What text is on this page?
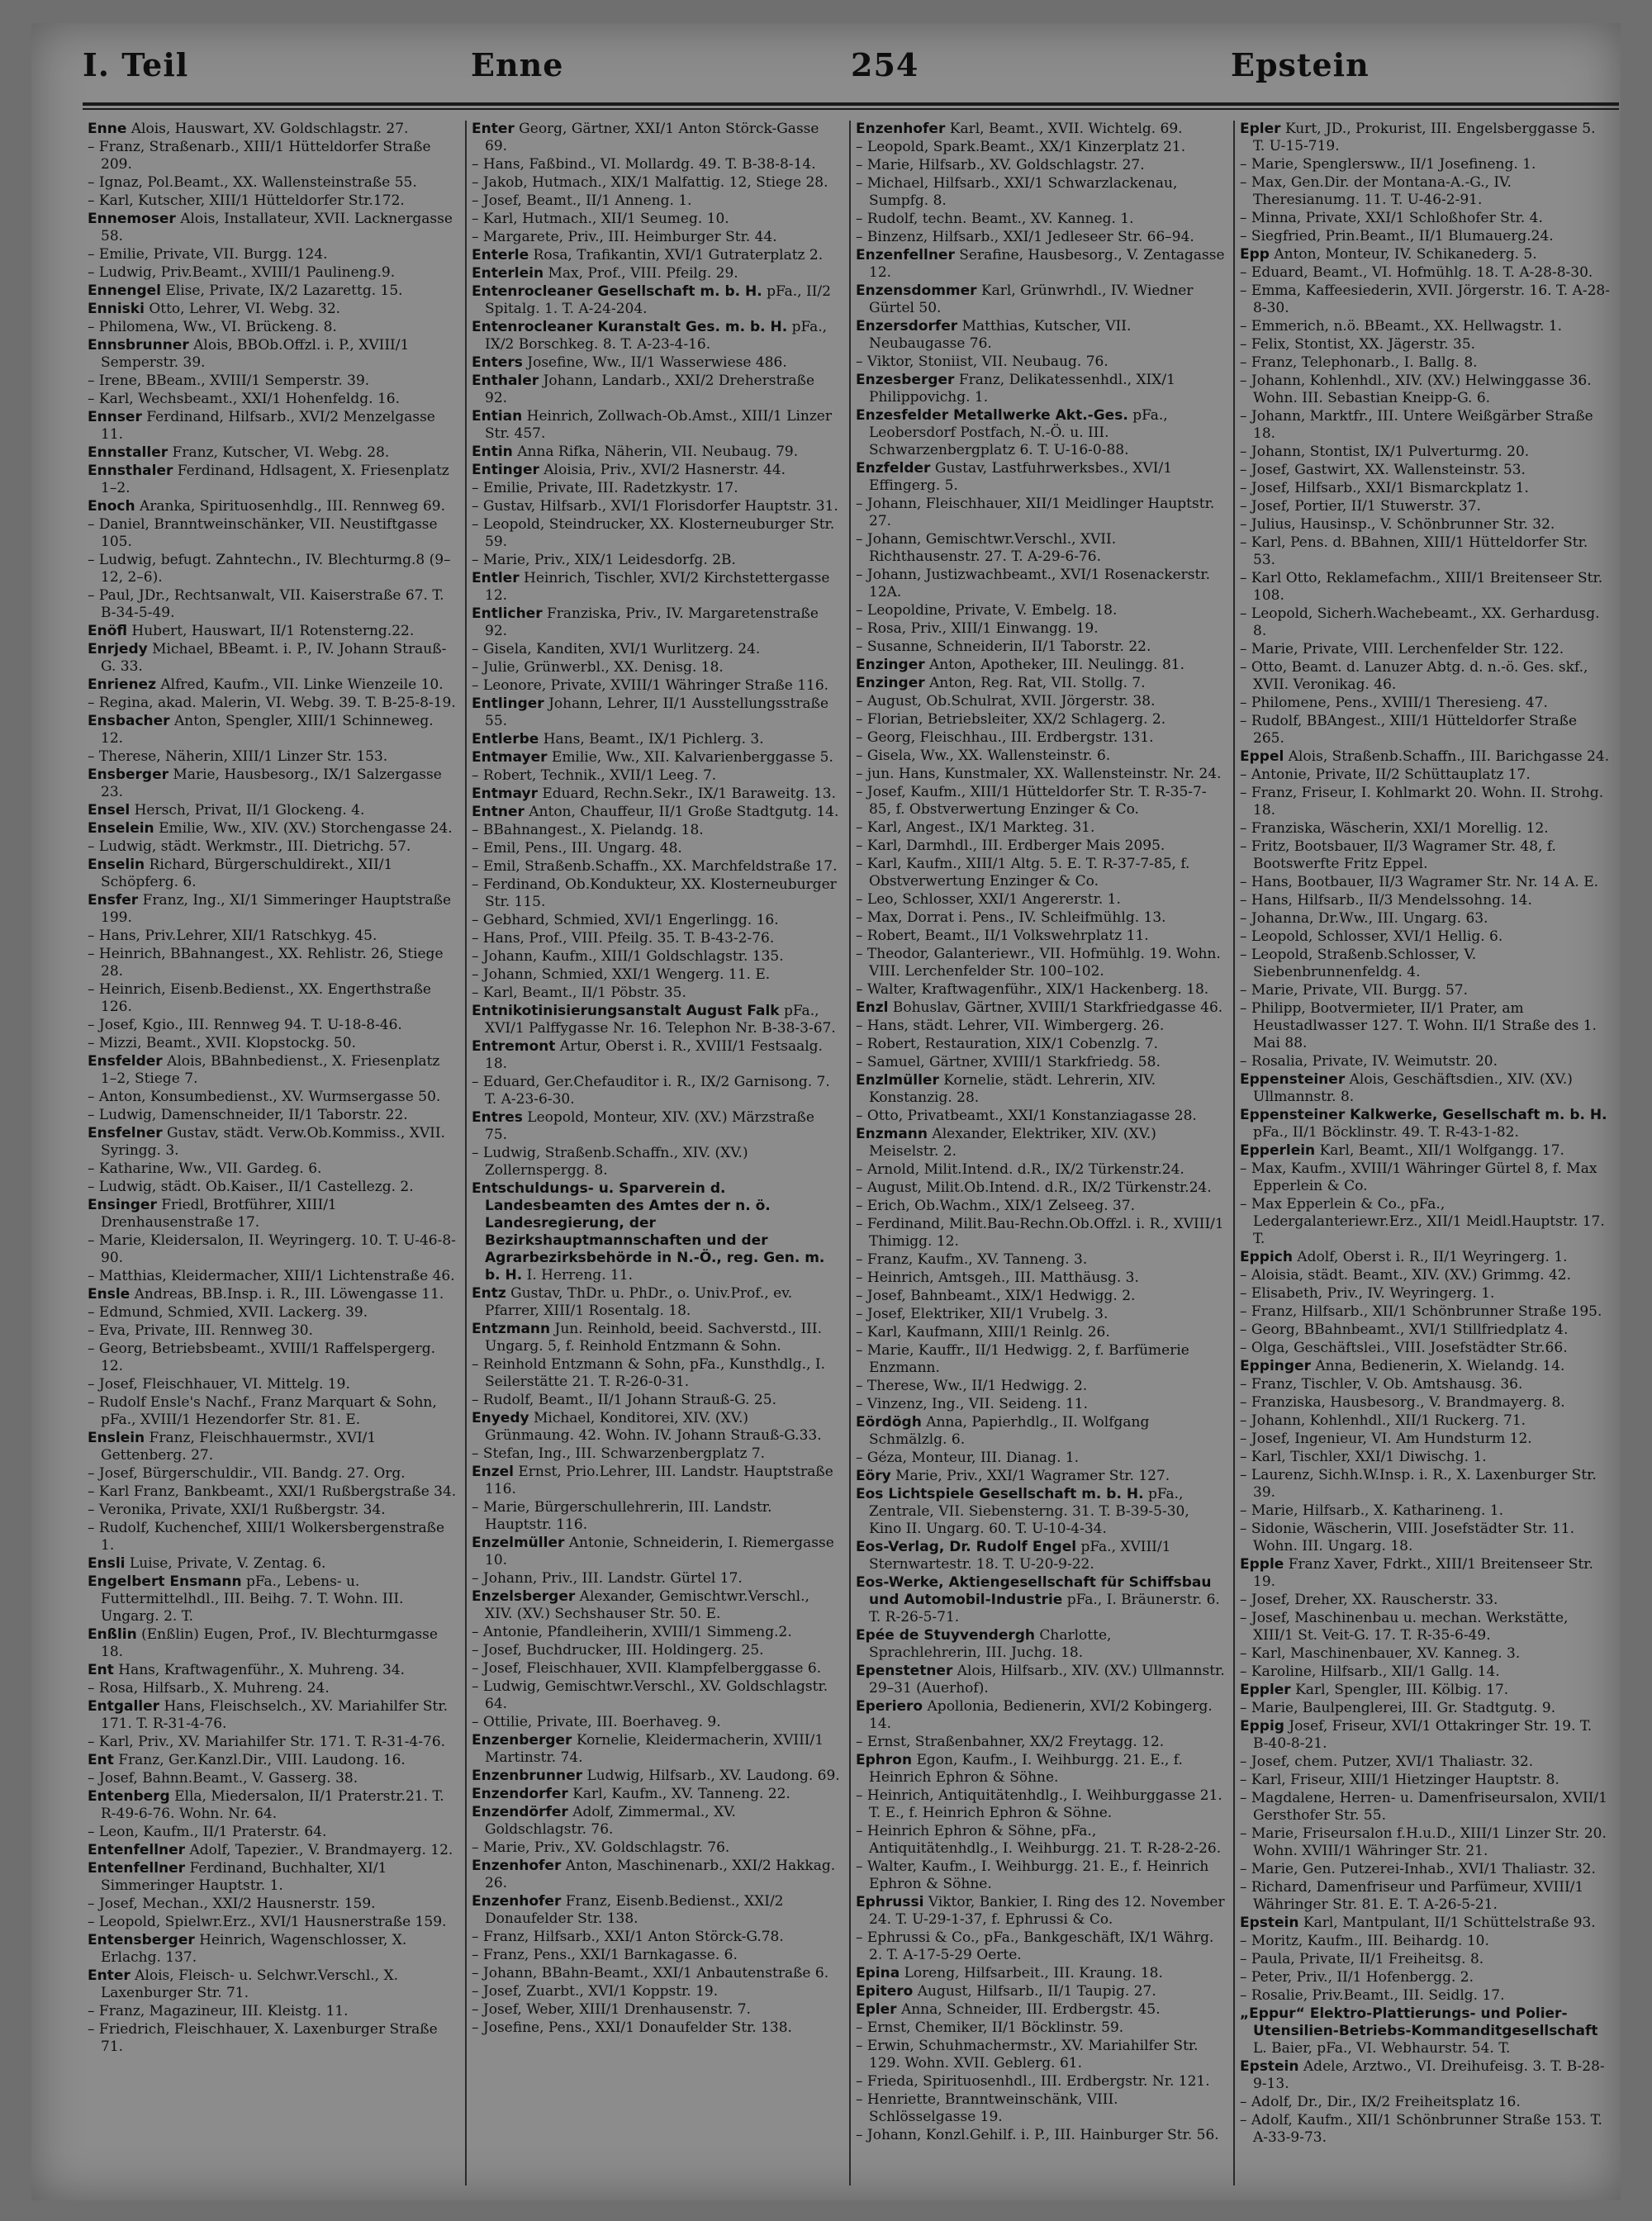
I. Teil	Enne	254	Epstein
Enne Alois, Hauswart, XV. Goldschlagstr. 27.
– Franz, Straßenarb., XIII/1 Hütteldorfer Straße 209.
– Ignaz, Pol.Beamt., XX. Wallensteinstraße 55.
– Karl, Kutscher, XIII/1 Hütteldorfer Str.172.
Ennemoser Alois, Installateur, XVII. Lacknergasse 58.
– Emilie, Private, VII. Burgg. 124.
– Ludwig, Priv.Beamt., XVIII/1 Paulineng.9.
Ennengel Elise, Private, IX/2 Lazarettg. 15.
Enniski Otto, Lehrer, VI. Webg. 32.
– Philomena, Ww., VI. Brückeng. 8.
Ennsbrunner Alois, BBOb.Offzl. i. P., XVIII/1 Semperstr. 39.
– Irene, BBeam., XVIII/1 Semperstr. 39.
– Karl, Wechsbeamt., XXI/1 Hohenfeldg. 16.
Ennser Ferdinand, Hilfsarb., XVI/2 Menzelgasse 11.
Ennstaller Franz, Kutscher, VI. Webg. 28.
Ennsthaler Ferdinand, Hdlsagent, X. Friesenplatz 1–2.
Enoch Aranka, Spirituosenhdlg., III. Rennweg 69.
– Daniel, Branntweinschänker, VII. Neustiftgasse 105.
– Ludwig, befugt. Zahntechn., IV. Blechturmg.8 (9–12, 2–6).
– Paul, JDr., Rechtsanwalt, VII. Kaiserstraße 67. T. B-34-5-49.
Enöfl Hubert, Hauswart, II/1 Rotensterng.22.
Enrjedy Michael, BBeamt. i. P., IV. Johann Strauß-G. 33.
Enrienez Alfred, Kaufm., VII. Linke Wienzeile 10.
– Regina, akad. Malerin, VI. Webg. 39. T. B-25-8-19.
Ensbacher Anton, Spengler, XIII/1 Schinneweg. 12.
– Therese, Näherin, XIII/1 Linzer Str. 153.
Ensberger Marie, Hausbesorg., IX/1 Salzergasse 23.
Ensel Hersch, Privat, II/1 Glockeng. 4.
Enselein Emilie, Ww., XIV. (XV.) Storchengasse 24.
– Ludwig, städt. Werkmstr., III. Dietrichg. 57.
Enselin Richard, Bürgerschuldirekt., XII/1 Schöpferg. 6.
Ensfer Franz, Ing., XI/1 Simmeringer Hauptstraße 199.
– Hans, Priv.Lehrer, XII/1 Ratschkyg. 45.
– Heinrich, BBahnangest., XX. Rehlistr. 26, Stiege 28.
– Heinrich, Eisenb.Bedienst., XX. Engerthstraße 126.
– Josef, Kgio., III. Rennweg 94. T. U-18-8-46.
– Mizzi, Beamt., XVII. Klopstockg. 50.
Ensfelder Alois, BBahnbedienst., X. Friesenplatz 1–2, Stiege 7.
– Anton, Konsumbedienst., XV. Wurmsergasse 50.
– Ludwig, Damenschneider, II/1 Taborstr. 22.
Ensfelner Gustav, städt. Verw.Ob.Kommiss., XVII. Syringg. 3.
– Katharine, Ww., VII. Gardeg. 6.
– Ludwig, städt. Ob.Kaiser., II/1 Castellezg. 2.
Ensinger Friedl, Brotführer, XIII/1 Drenhausenstraße 17.
– Marie, Kleidersalon, II. Weyringerg. 10. T. U-46-8-90.
– Matthias, Kleidermacher, XIII/1 Lichtenstraße 46.
Ensle Andreas, BB.Insp. i. R., III. Löwengasse 11.
– Edmund, Schmied, XVII. Lackerg. 39.
– Eva, Private, III. Rennweg 30.
– Georg, Betriebsbeamt., XVIII/1 Raffelspergerg. 12.
– Josef, Fleischhauer, VI. Mittelg. 19.
– Rudolf Ensle's Nachf., Franz Marquart & Sohn, pFa., XVIII/1 Hezendorfer Str. 81. E.
Enslein Franz, Fleischhauermstr., XVI/1 Gettenberg. 27.
– Josef, Bürgerschuldir., VII. Bandg. 27. Org.
– Karl Franz, Bankbeamt., XXI/1 Rußbergstraße 34.
– Veronika, Private, XXI/1 Rußbergstr. 34.
– Rudolf, Kuchenchef, XIII/1 Wolkersbergenstraße 1.
Ensli Luise, Private, V. Zentag. 6.
Engelbert Ensmann pFa., Lebens- u. Futtermittelhdl., III. Beihg. 7. T. Wohn. III. Ungarg. 2. T.
Enßlin (Enßlin) Eugen, Prof., IV. Blechturmgasse 18.
Ent Hans, Kraftwagenführ., X. Muhreng. 34.
– Rosa, Hilfsarb., X. Muhreng. 24.
Entgaller Hans, Fleischselch., XV. Mariahilfer Str. 171. T. R-31-4-76.
– Karl, Priv., XV. Mariahilfer Str. 171. T. R-31-4-76.
Ent Franz, Ger.Kanzl.Dir., VIII. Laudong. 16.
– Josef, Bahnn.Beamt., V. Gasserg. 38.
Entenberg Ella, Miedersalon, II/1 Praterstr.21. T. R-49-6-76. Wohn. Nr. 64.
– Leon, Kaufm., II/1 Praterstr. 64.
Entenfellner Adolf, Tapezier., V. Brandmayerg. 12.
Entenfellner Ferdinand, Buchhalter, XI/1 Simmeringer Hauptstr. 1.
– Josef, Mechan., XXI/2 Hausnerstr. 159.
– Leopold, Spielwr.Erz., XVI/1 Hausnerstraße 159.
Entensberger Heinrich, Wagenschlosser, X. Erlachg. 137.
Enter Alois, Fleisch- u. Selchwr.Verschl., X. Laxenburger Str. 71.
– Franz, Magazineur, III. Kleistg. 11.
– Friedrich, Fleischhauer, X. Laxenburger Straße 71.
Enter Georg, Gärtner, XXI/1 Anton Störck-Gasse 69.
– Hans, Faßbind., VI. Mollardg. 49. T. B-38-8-14.
– Jakob, Hutmach., XIX/1 Malfattig. 12, Stiege 28.
– Josef, Beamt., II/1 Anneng. 1.
– Karl, Hutmach., XII/1 Seumeg. 10.
– Margarete, Priv., III. Heimburger Str. 44.
Enterle Rosa, Trafikantin, XVI/1 Gutraterplatz 2.
Enterlein Max, Prof., VIII. Pfeilg. 29.
Entenrocleaner Gesellschaft m. b. H. pFa., II/2 Spitalg. 1. T. A-24-204.
Entenrocleaner Kuranstalt Ges. m. b. H. pFa., IX/2 Borschkeg. 8. T. A-23-4-16.
Enters Josefine, Ww., II/1 Wasserwiese 486.
Enthaler Johann, Landarb., XXI/2 Dreherstraße 92.
Entian Heinrich, Zollwach-Ob.Amst., XIII/1 Linzer Str. 457.
Entin Anna Rifka, Näherin, VII. Neubaug. 79.
Entinger Aloisia, Priv., XVI/2 Hasnerstr. 44.
– Emilie, Private, III. Radetzkystr. 17.
– Gustav, Hilfsarb., XVI/1 Florisdorfer Hauptstr. 31.
– Leopold, Steindrucker, XX. Klosterneuburger Str. 59.
– Marie, Priv., XIX/1 Leidesdorfg. 2B.
Entler Heinrich, Tischler, XVI/2 Kirchstettergasse 12.
Entlicher Franziska, Priv., IV. Margaretenstraße 92.
– Gisela, Kanditen, XVI/1 Wurlitzerg. 24.
– Julie, Grünwerbl., XX. Denisg. 18.
– Leonore, Private, XVIII/1 Währinger Straße 116.
Entlinger Johann, Lehrer, II/1 Ausstellungsstraße 55.
Entlerbe Hans, Beamt., IX/1 Pichlerg. 3.
Entmayer Emilie, Ww., XII. Kalvarienberggasse 5.
– Robert, Technik., XVII/1 Leeg. 7.
Entmayr Eduard, Rechn.Sekr., IX/1 Baraweitg. 13.
Entner Anton, Chauffeur, II/1 Große Stadtgutg. 14.
– BBahnangest., X. Pielandg. 18.
– Emil, Pens., III. Ungarg. 48.
– Emil, Straßenb.Schaffn., XX. Marchfeldstraße 17.
– Ferdinand, Ob.Kondukteur, XX. Klosterneuburger Str. 115.
– Gebhard, Schmied, XVI/1 Engerlingg. 16.
– Hans, Prof., VIII. Pfeilg. 35. T. B-43-2-76.
– Johann, Kaufm., XIII/1 Goldschlagstr. 135.
– Johann, Schmied, XXI/1 Wengerg. 11. E.
– Karl, Beamt., II/1 Pöbstr. 35.
Entnikotinisierungsanstalt August Falk pFa., XVI/1 Palffygasse Nr. 16. Telephon Nr. B-38-3-67.
Entremont Artur, Oberst i. R., XVIII/1 Festsaalg. 18.
– Eduard, Ger.Chefauditor i. R., IX/2 Garnisong. 7. T. A-23-6-30.
Entres Leopold, Monteur, XIV. (XV.) Märzstraße 75.
– Ludwig, Straßenb.Schaffn., XIV. (XV.) Zollernspergg. 8.
Entschuldungs- u. Sparverein d. Landesbeamten des Amtes der n. ö. Landesregierung, der Bezirkshauptmannschaften und der Agrarbezirksbehörde in N.-Ö., reg. Gen. m. b. H. I. Herreng. 11.
Entz Gustav, ThDr. u. PhDr., o. Univ.Prof., ev. Pfarrer, XIII/1 Rosentalg. 18.
Entzmann Jun. Reinhold, beeid. Sachverstd., III. Ungarg. 5, f. Reinhold Entzmann & Sohn.
– Reinhold Entzmann & Sohn, pFa., Kunsthdlg., I. Seilerstätte 21. T. R-26-0-31.
– Rudolf, Beamt., II/1 Johann Strauß-G. 25.
Enyedy Michael, Konditorei, XIV. (XV.) Grünmaung. 42. Wohn. IV. Johann Strauß-G.33.
– Stefan, Ing., III. Schwarzenbergplatz 7.
Enzel Ernst, Prio.Lehrer, III. Landstr. Hauptstraße 116.
– Marie, Bürgerschullehrerin, III. Landstr. Hauptstr. 116.
Enzelmüller Antonie, Schneiderin, I. Riemergasse 10.
– Johann, Priv., III. Landstr. Gürtel 17.
Enzelsberger Alexander, Gemischtwr.Verschl., XIV. (XV.) Sechshauser Str. 50. E.
– Antonie, Pfandleiherin, XVIII/1 Simmeng.2.
– Josef, Buchdrucker, III. Holdingerg. 25.
– Josef, Fleischhauer, XVII. Klampfelberggasse 6.
– Ludwig, Gemischtwr.Verschl., XV. Goldschlagstr. 64.
– Ottilie, Private, III. Boerhaveg. 9.
Enzenberger Kornelie, Kleidermacherin, XVIII/1 Martinstr. 74.
Enzenbrunner Ludwig, Hilfsarb., XV. Laudong. 69.
Enzendorfer Karl, Kaufm., XV. Tanneng. 22.
Enzendörfer Adolf, Zimmermal., XV. Goldschlagstr. 76.
– Marie, Priv., XV. Goldschlagstr. 76.
Enzenhofer Anton, Maschinenarb., XXI/2 Hakkag. 26.
Enzenhofer Franz, Eisenb.Bedienst., XXI/2 Donaufelder Str. 138.
– Franz, Hilfsarb., XXI/1 Anton Störck-G.78.
– Franz, Pens., XXI/1 Barnkagasse. 6.
– Johann, BBahn-Beamt., XXI/1 Anbautenstraße 6.
– Josef, Zuarbt., XVI/1 Koppstr. 19.
– Josef, Weber, XIII/1 Drenhausenstr. 7.
– Josefine, Pens., XXI/1 Donaufelder Str. 138.
Enzenhofer Karl, Beamt., XVII. Wichtelg. 69.
– Leopold, Spark.Beamt., XX/1 Kinzerplatz 21.
– Marie, Hilfsarb., XV. Goldschlagstr. 27.
– Michael, Hilfsarb., XXI/1 Schwarzlackenau, Sumpfg. 8.
– Rudolf, techn. Beamt., XV. Kanneg. 1.
– Binzenz, Hilfsarb., XXI/1 Jedleseer Str. 66–94.
Enzenfellner Serafine, Hausbesorg., V. Zentagasse 12.
Enzensdommer Karl, Grünwrhdl., IV. Wiedner Gürtel 50.
Enzersdorfer Matthias, Kutscher, VII. Neubaugasse 76.
– Viktor, Stoniist, VII. Neubaug. 76.
Enzesberger Franz, Delikatessenhdl., XIX/1 Philippovichg. 1.
Enzesfelder Metallwerke Akt.-Ges. pFa., Leobersdorf Postfach, N.-Ö. u. III. Schwarzenbergplatz 6. T. U-16-0-88.
Enzfelder Gustav, Lastfuhrwerksbes., XVI/1 Effingerg. 5.
– Johann, Fleischhauer, XII/1 Meidlinger Hauptstr. 27.
– Johann, Gemischtwr.Verschl., XVII. Richthausenstr. 27. T. A-29-6-76.
– Johann, Justizwachbeamt., XVI/1 Rosenackerstr. 12A.
– Leopoldine, Private, V. Embelg. 18.
– Rosa, Priv., XIII/1 Einwangg. 19.
– Susanne, Schneiderin, II/1 Taborstr. 22.
Enzinger Anton, Apotheker, III. Neulingg. 81.
Enzinger Anton, Reg. Rat, VII. Stollg. 7.
– August, Ob.Schulrat, XVII. Jörgerstr. 38.
– Florian, Betriebsleiter, XX/2 Schlagerg. 2.
– Georg, Fleischhau., III. Erdbergstr. 131.
– Gisela, Ww., XX. Wallensteinstr. 6.
– jun. Hans, Kunstmaler, XX. Wallensteinstr. Nr. 24.
– Josef, Kaufm., XIII/1 Hütteldorfer Str. T. R-35-7-85, f. Obstverwertung Enzinger & Co.
– Karl, Angest., IX/1 Markteg. 31.
– Karl, Darmhdl., III. Erdberger Mais 2095.
– Karl, Kaufm., XIII/1 Altg. 5. E. T. R-37-7-85, f. Obstverwertung Enzinger & Co.
– Leo, Schlosser, XXI/1 Angererstr. 1.
– Max, Dorrat i. Pens., IV. Schleifmühlg. 13.
– Robert, Beamt., II/1 Volkswehrplatz 11.
– Theodor, Galanteriewr., VII. Hofmühlg. 19. Wohn. VIII. Lerchenfelder Str. 100–102.
– Walter, Kraftwagenführ., XIX/1 Hackenberg. 18.
Enzl Bohuslav, Gärtner, XVIII/1 Starkfriedgasse 46.
– Hans, städt. Lehrer, VII. Wimbergerg. 26.
– Robert, Restauration, XIX/1 Cobenzlg. 7.
– Samuel, Gärtner, XVIII/1 Starkfriedg. 58.
Enzlmüller Kornelie, städt. Lehrerin, XIV. Konstanzig. 28.
– Otto, Privatbeamt., XXI/1 Konstanziagasse 28.
Enzmann Alexander, Elektriker, XIV. (XV.) Meiselstr. 2.
– Arnold, Milit.Intend. d.R., IX/2 Türkenstr.24.
– August, Milit.Ob.Intend. d.R., IX/2 Türkenstr.24.
– Erich, Ob.Wachm., XIX/1 Zelseeg. 37.
– Ferdinand, Milit.Bau-Rechn.Ob.Offzl. i. R., XVIII/1 Thimigg. 12.
– Franz, Kaufm., XV. Tanneng. 3.
– Heinrich, Amtsgeh., III. Matthäusg. 3.
– Josef, Bahnbeamt., XIX/1 Hedwigg. 2.
– Josef, Elektriker, XII/1 Vrubelg. 3.
– Karl, Kaufmann, XIII/1 Reinlg. 26.
– Marie, Kauffr., II/1 Hedwigg. 2, f. Barfümerie Enzmann.
– Therese, Ww., II/1 Hedwigg. 2.
– Vinzenz, Ing., VII. Seideng. 11.
Eördögh Anna, Papierhdlg., II. Wolfgang Schmälzlg. 6.
– Géza, Monteur, III. Dianag. 1.
Eöry Marie, Priv., XXI/1 Wagramer Str. 127.
Eos Lichtspiele Gesellschaft m. b. H. pFa., Zentrale, VII. Siebensterng. 31. T. B-39-5-30, Kino II. Ungarg. 60. T. U-10-4-34.
Eos-Verlag, Dr. Rudolf Engel pFa., XVIII/1 Sternwartestr. 18. T. U-20-9-22.
Eos-Werke, Aktiengesellschaft für Schiffsbau und Automobil-Industrie pFa., I. Bräunerstr. 6. T. R-26-5-71.
Epée de Stuyvendergh Charlotte, Sprachlehrerin, III. Juchg. 18.
Epenstetner Alois, Hilfsarb., XIV. (XV.) Ullmannstr. 29–31 (Auerhof).
Eperiero Apollonia, Bedienerin, XVI/2 Kobingerg. 14.
– Ernst, Straßenbahner, XX/2 Freytagg. 12.
Ephron Egon, Kaufm., I. Weihburgg. 21. E., f. Heinrich Ephron & Söhne.
– Heinrich, Antiquitätenhdlg., I. Weihburggasse 21. T. E., f. Heinrich Ephron & Söhne.
– Heinrich Ephron & Söhne, pFa., Antiquitätenhdlg., I. Weihburgg. 21. T. R-28-2-26.
– Walter, Kaufm., I. Weihburgg. 21. E., f. Heinrich Ephron & Söhne.
Ephrussi Viktor, Bankier, I. Ring des 12. November 24. T. U-29-1-37, f. Ephrussi & Co.
– Ephrussi & Co., pFa., Bankgeschäft, IX/1 Währg. 2. T. A-17-5-29 Oerte.
Epina Loreng, Hilfsarbeit., III. Kraung. 18.
Epitero August, Hilfsarb., II/1 Taupig. 27.
Epler Anna, Schneider, III. Erdbergstr. 45.
– Ernst, Chemiker, II/1 Böcklinstr. 59.
– Erwin, Schuhmachermstr., XV. Mariahilfer Str. 129. Wohn. XVII. Geblerg. 61.
– Frieda, Spirituosenhdl., III. Erdbergstr. Nr. 121.
– Henriette, Branntweinschänk, VIII. Schlösselgasse 19.
– Johann, Konzl.Gehilf. i. P., III. Hainburger Str. 56.
Epler Kurt, JD., Prokurist, III. Engelsberggasse 5. T. U-15-719.
– Marie, Spenglersww., II/1 Josefineng. 1.
– Max, Gen.Dir. der Montana-A.-G., IV. Theresianumg. 11. T. U-46-2-91.
– Minna, Private, XXI/1 Schloßhofer Str. 4.
– Siegfried, Prin.Beamt., II/1 Blumauerg.24.
Epp Anton, Monteur, IV. Schikanederg. 5.
– Eduard, Beamt., VI. Hofmühlg. 18. T. A-28-8-30.
– Emma, Kaffeesiederin, XVII. Jörgerstr. 16. T. A-28-8-30.
– Emmerich, n.ö. BBeamt., XX. Hellwagstr. 1.
– Felix, Stontist, XX. Jägerstr. 35.
– Franz, Telephonarb., I. Ballg. 8.
– Johann, Kohlenhdl., XIV. (XV.) Helwinggasse 36. Wohn. III. Sebastian Kneipp-G. 6.
– Johann, Marktfr., III. Untere Weißgärber Straße 18.
– Johann, Stontist, IX/1 Pulverturmg. 20.
– Josef, Gastwirt, XX. Wallensteinstr. 53.
– Josef, Hilfsarb., XXI/1 Bismarckplatz 1.
– Josef, Portier, II/1 Stuwerstr. 37.
– Julius, Hausinsp., V. Schönbrunner Str. 32.
– Karl, Pens. d. BBahnen, XIII/1 Hütteldorfer Str. 53.
– Karl Otto, Reklamefachm., XIII/1 Breitenseer Str. 108.
– Leopold, Sicherh.Wachebeamt., XX. Gerhardusg. 8.
– Marie, Private, VIII. Lerchenfelder Str. 122.
– Otto, Beamt. d. Lanuzer Abtg. d. n.-ö. Ges. skf., XVII. Veronikag. 46.
– Philomene, Pens., XVIII/1 Theresieng. 47.
– Rudolf, BBAngest., XIII/1 Hütteldorfer Straße 265.
Eppel Alois, Straßenb.Schaffn., III. Barichgasse 24.
– Antonie, Private, II/2 Schüttauplatz 17.
– Franz, Friseur, I. Kohlmarkt 20. Wohn. II. Strohg. 18.
– Franziska, Wäscherin, XXI/1 Morellig. 12.
– Fritz, Bootsbauer, II/3 Wagramer Str. 48, f. Bootswerfte Fritz Eppel.
– Hans, Bootbauer, II/3 Wagramer Str. Nr. 14 A. E.
– Hans, Hilfsarb., II/3 Mendelssohng. 14.
– Johanna, Dr.Ww., III. Ungarg. 63.
– Leopold, Schlosser, XVI/1 Hellig. 6.
– Leopold, Straßenb.Schlosser, V. Siebenbrunnenfeldg. 4.
– Marie, Private, VII. Burgg. 57.
– Philipp, Bootvermieter, II/1 Prater, am Heustadlwasser 127. T. Wohn. II/1 Straße des 1. Mai 88.
– Rosalia, Private, IV. Weimutstr. 20.
Eppensteiner Alois, Geschäftsdien., XIV. (XV.) Ullmannstr. 8.
Eppensteiner Kalkwerke, Gesellschaft m. b. H. pFa., II/1 Böcklinstr. 49. T. R-43-1-82.
Epperlein Karl, Beamt., XII/1 Wolfgangg. 17.
– Max, Kaufm., XVIII/1 Währinger Gürtel 8, f. Max Epperlein & Co.
– Max Epperlein & Co., pFa., Ledergalanteriewr.Erz., XII/1 Meidl.Hauptstr. 17. T.
Eppich Adolf, Oberst i. R., II/1 Weyringerg. 1.
– Aloisia, städt. Beamt., XIV. (XV.) Grimmg. 42.
– Elisabeth, Priv., IV. Weyringerg. 1.
– Franz, Hilfsarb., XII/1 Schönbrunner Straße 195.
– Georg, BBahnbeamt., XVI/1 Stillfriedplatz 4.
– Olga, Geschäftslei., VIII. Josefstädter Str.66.
Eppinger Anna, Bedienerin, X. Wielandg. 14.
– Franz, Tischler, V. Ob. Amtshausg. 36.
– Franziska, Hausbesorg., V. Brandmayerg. 8.
– Johann, Kohlenhdl., XII/1 Ruckerg. 71.
– Josef, Ingenieur, VI. Am Hundsturm 12.
– Karl, Tischler, XXI/1 Diwischg. 1.
– Laurenz, Sichh.W.Insp. i. R., X. Laxenburger Str. 39.
– Marie, Hilfsarb., X. Katharineng. 1.
– Sidonie, Wäscherin, VIII. Josefstädter Str. 11. Wohn. III. Ungarg. 18.
Epple Franz Xaver, Fdrkt., XIII/1 Breitenseer Str. 19.
– Josef, Dreher, XX. Rauscherstr. 33.
– Josef, Maschinenbau u. mechan. Werkstätte, XIII/1 St. Veit-G. 17. T. R-35-6-49.
– Karl, Maschinenbauer, XV. Kanneg. 3.
– Karoline, Hilfsarb., XII/1 Gallg. 14.
Eppler Karl, Spengler, III. Kölbig. 17.
– Marie, Baulpenglerei, III. Gr. Stadtgutg. 9.
Eppig Josef, Friseur, XVI/1 Ottakringer Str. 19. T. B-40-8-21.
– Josef, chem. Putzer, XVI/1 Thaliastr. 32.
– Karl, Friseur, XIII/1 Hietzinger Hauptstr. 8.
– Magdalene, Herren- u. Damenfriseursalon, XVII/1 Gersthofer Str. 55.
– Marie, Friseursalon f.H.u.D., XIII/1 Linzer Str. 20. Wohn. XVIII/1 Währinger Str. 21.
– Marie, Gen. Putzerei-Inhab., XVI/1 Thaliastr. 32.
– Richard, Damenfriseur und Parfümeur, XVIII/1 Währinger Str. 81. E. T. A-26-5-21.
Epstein Karl, Mantpulant, II/1 Schüttelstraße 93.
– Moritz, Kaufm., III. Beihardg. 10.
– Paula, Private, II/1 Freiheitsg. 8.
– Peter, Priv., II/1 Hofenbergg. 2.
– Rosalie, Priv.Beamt., III. Seidlg. 17.
„Eppur“ Elektro-Plattierungs- und Polier-Utensilien-Betriebs-Kommanditgesellschaft L. Baier, pFa., VI. Webhaurstr. 54. T.
Epstein Adele, Arztwo., VI. Dreihufeisg. 3. T. B-28-9-13.
– Adolf, Dr., Dir., IX/2 Freiheitsplatz 16.
– Adolf, Kaufm., XII/1 Schönbrunner Straße 153. T. A-33-9-73.
